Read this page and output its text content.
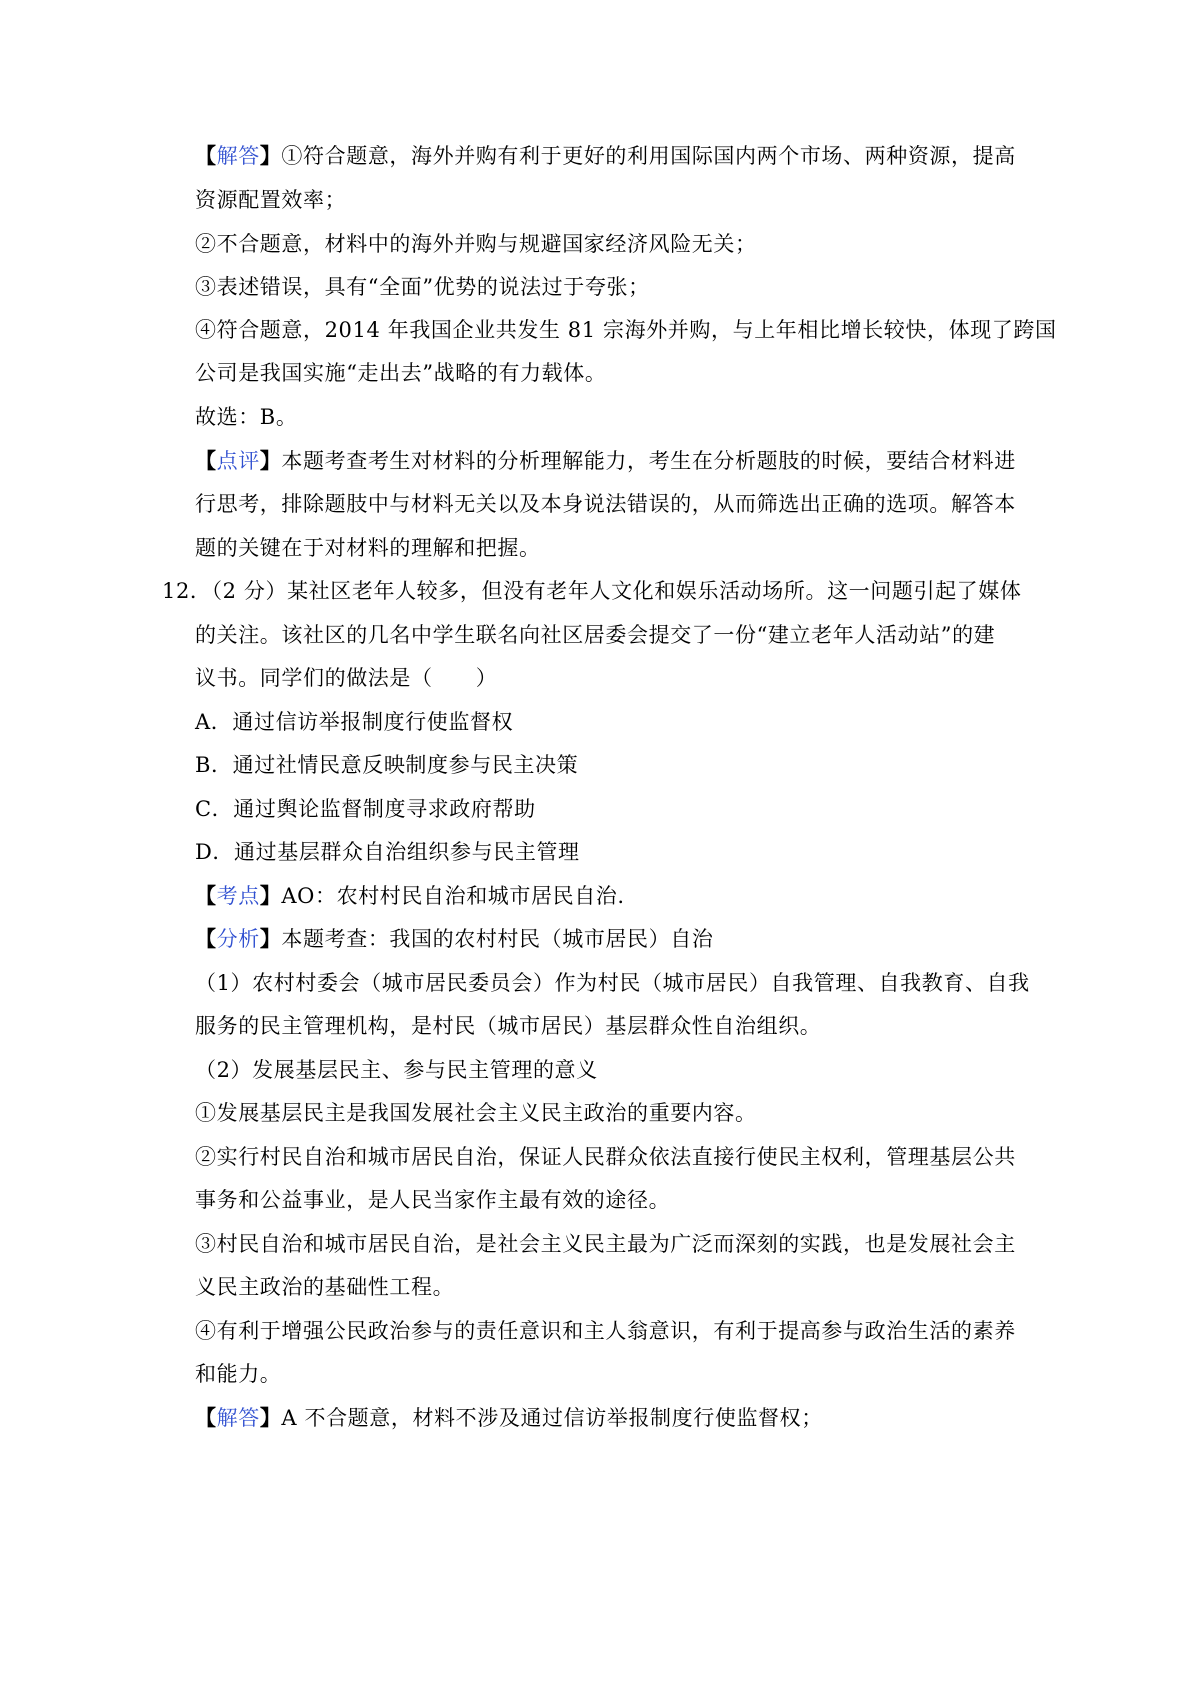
【解答】①符合题意，海外并购有利于更好的利用国际国内两个市场、两种资源，提高
资源配置效率；
②不合题意，材料中的海外并购与规避国家经济风险无关；
③表述错误，具有“全面”优势的说法过于夸张；
④符合题意，2014 年我国企业共发生 81 宗海外并购，与上年相比增长较快，体现了跨国
公司是我国实施“走出去”战略的有力载体。
故选：B。
【点评】本题考查考生对材料的分析理解能力，考生在分析题肢的时候，要结合材料进
行思考，排除题肢中与材料无关以及本身说法错误的，从而筛选出正确的选项。解答本
题的关键在于对材料的理解和把握。
12．（2 分）某社区老年人较多，但没有老年人文化和娱乐活动场所。这一问题引起了媒体
的关注。该社区的几名中学生联名向社区居委会提交了一份“建立老年人活动站”的建
议书。同学们的做法是（　　）
A．通过信访举报制度行使监督权
B．通过社情民意反映制度参与民主决策
C．通过舆论监督制度寻求政府帮助
D．通过基层群众自治组织参与民主管理
【考点】AO：农村村民自治和城市居民自治.
【分析】本题考查：我国的农村村民（城市居民）自治
（1）农村村委会（城市居民委员会）作为村民（城市居民）自我管理、自我教育、自我
服务的民主管理机构，是村民（城市居民）基层群众性自治组织。
（2）发展基层民主、参与民主管理的意义
①发展基层民主是我国发展社会主义民主政治的重要内容。
②实行村民自治和城市居民自治，保证人民群众依法直接行使民主权利，管理基层公共
事务和公益事业，是人民当家作主最有效的途径。
③村民自治和城市居民自治，是社会主义民主最为广泛而深刻的实践，也是发展社会主
义民主政治的基础性工程。
④有利于增强公民政治参与的责任意识和主人翁意识，有利于提高参与政治生活的素养
和能力。
【解答】A 不合题意，材料不涉及通过信访举报制度行使监督权；
